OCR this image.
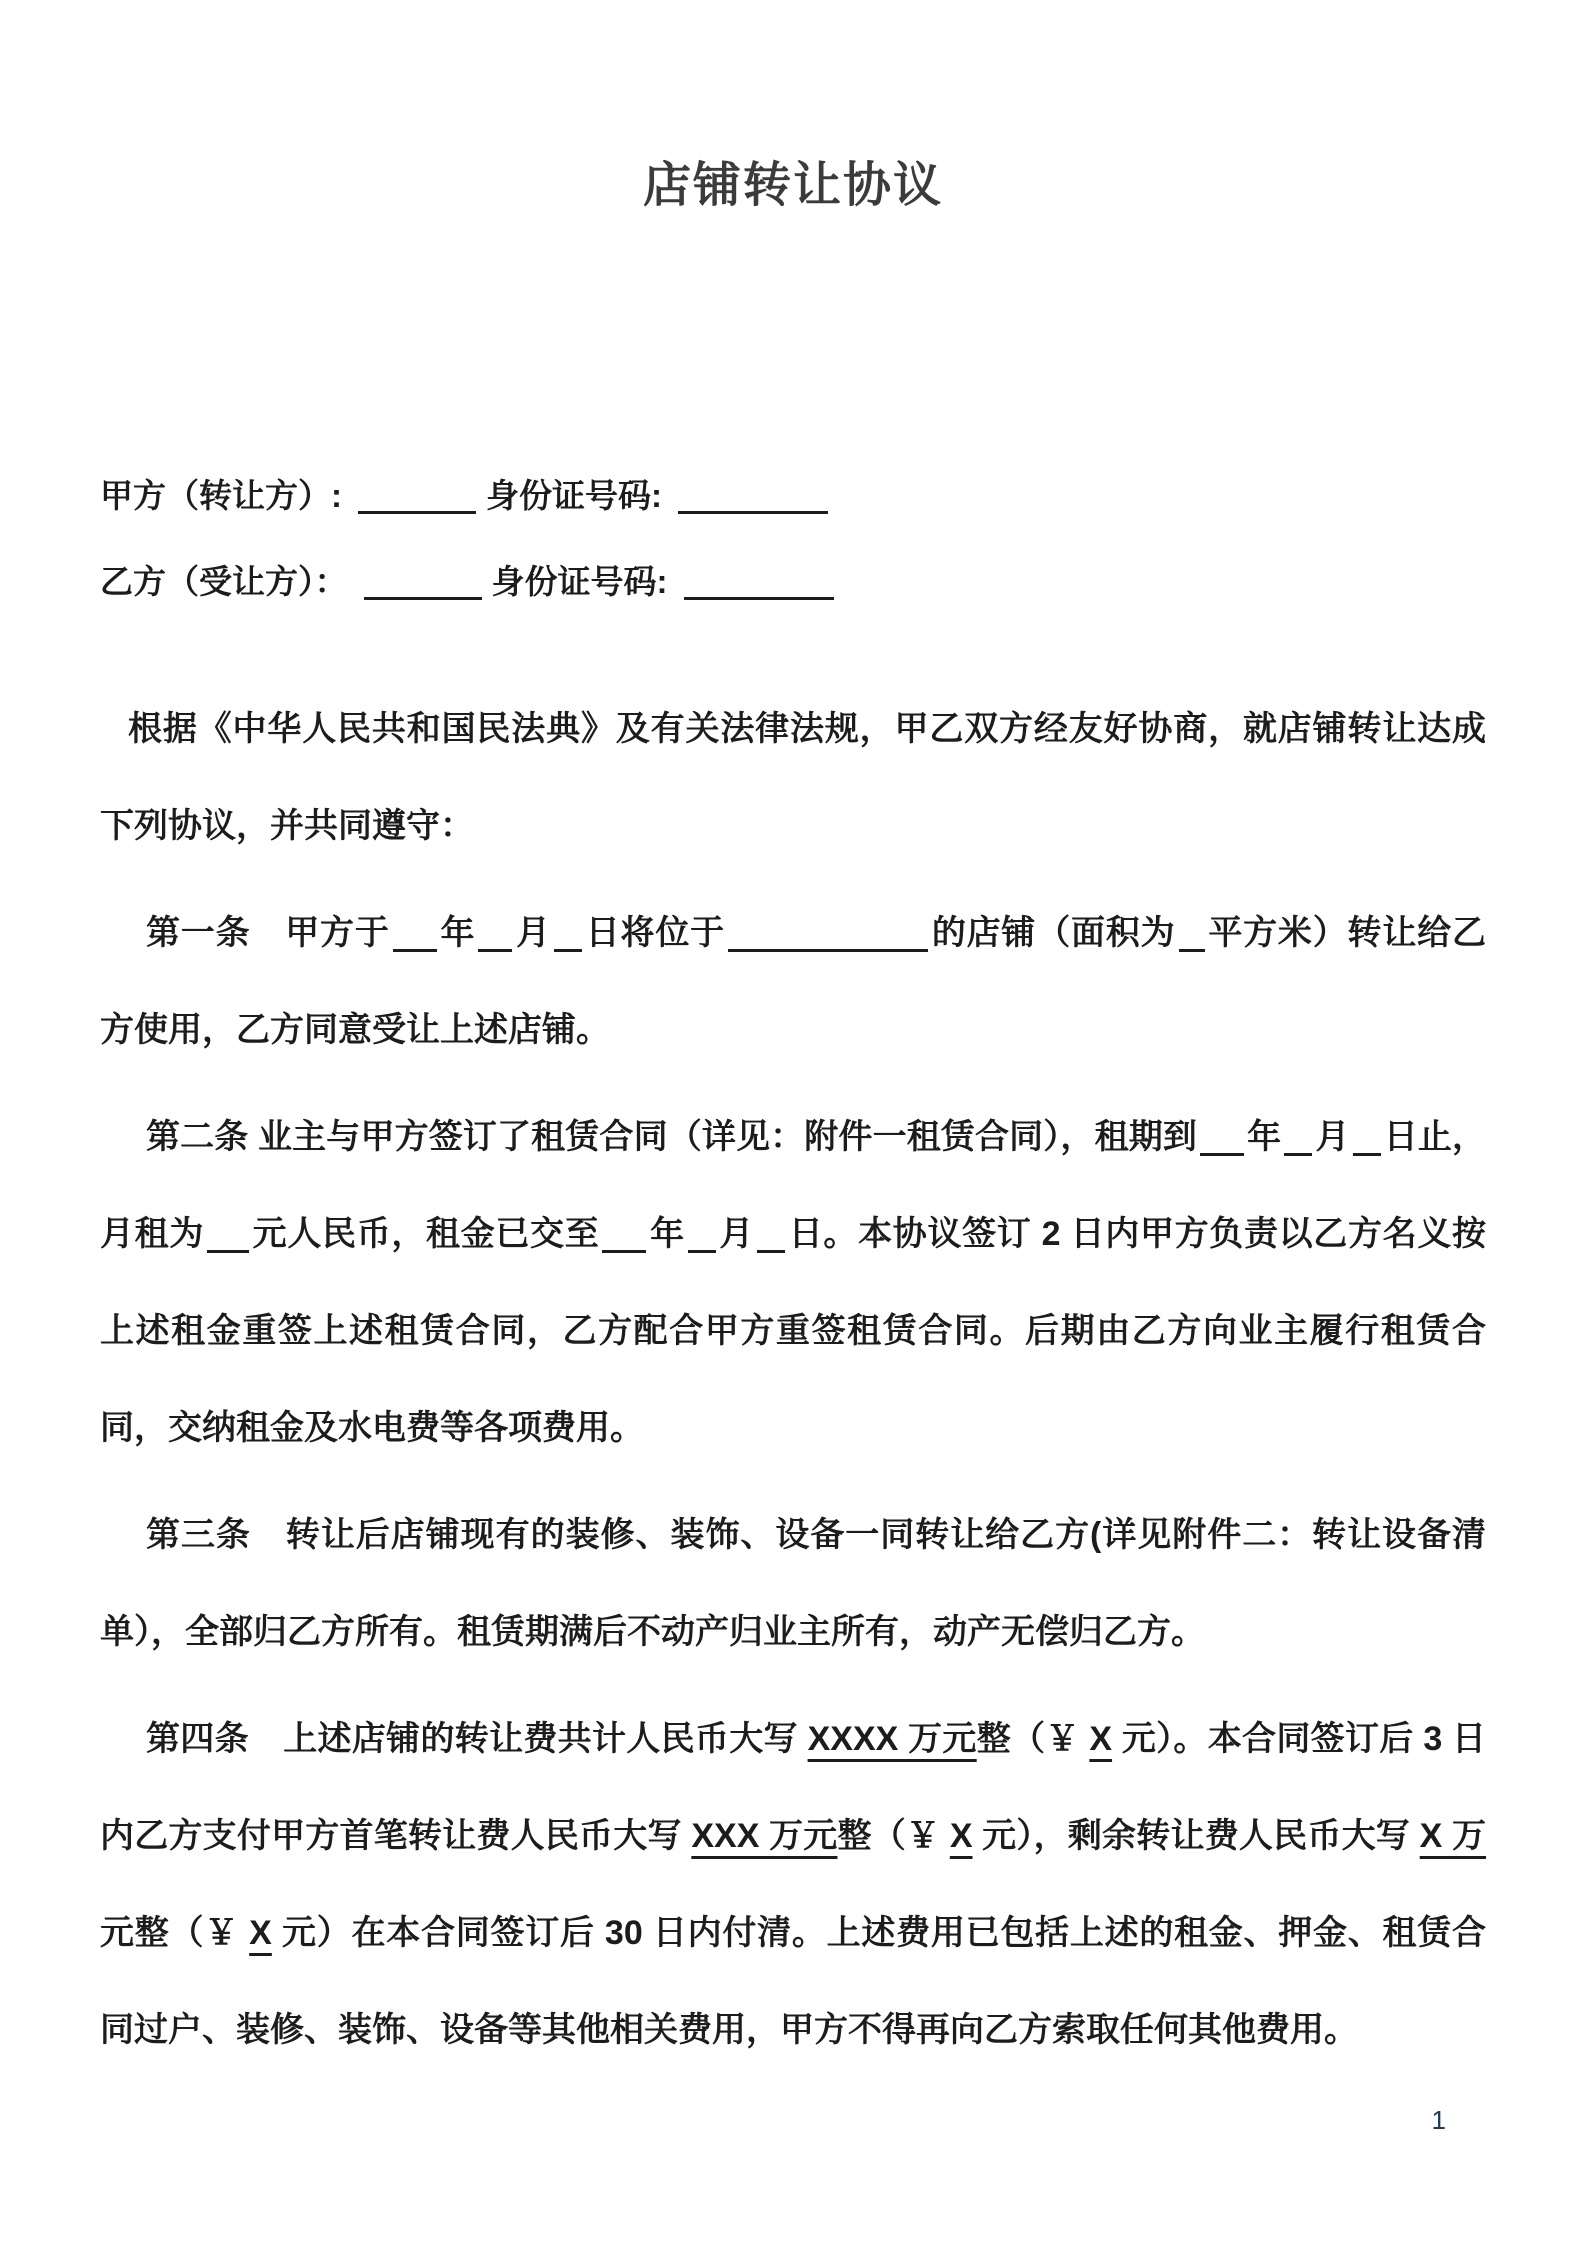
店铺转让协议
甲方（转让方）:	身份证号码:
乙方（受让方）：	身份证号码:
根据《中华人民共和国民法典》及有关法律法规，甲乙双方经友好协商，就店铺转让达成下列协议，并共同遵守：
第一条　甲方于 年 月 日将位于	的店铺（面积为 平方米）转让给乙方使用，乙方同意受让上述店铺。
第二条 业主与甲方签订了租赁合同（详见：附件一租赁合同），租期到 年 月 日止，月租为 元人民币，租金已交至 年 月 日。本协议签订 2 日内甲方负责以乙方名义按上述租金重签上述租赁合同，乙方配合甲方重签租赁合同。后期由乙方向业主履行租赁合同，交纳租金及水电费等各项费用。
第三条　转让后店铺现有的装修、装饰、设备一同转让给乙方(详见附件二：转让设备清单），全部归乙方所有。租赁期满后不动产归业主所有，动产无偿归乙方。
第四条　上述店铺的转让费共计人民币大写 XXXX 万元整（￥ X 元）。本合同签订后 3 日内乙方支付甲方首笔转让费人民币大写 XXX 万元整（￥ X 元），剩余转让费人民币大写 X 万元整（￥ X 元）在本合同签订后 30 日内付清。上述费用已包括上述的租金、押金、租赁合同过户、装修、装饰、设备等其他相关费用，甲方不得再向乙方索取任何其他费用。
1
